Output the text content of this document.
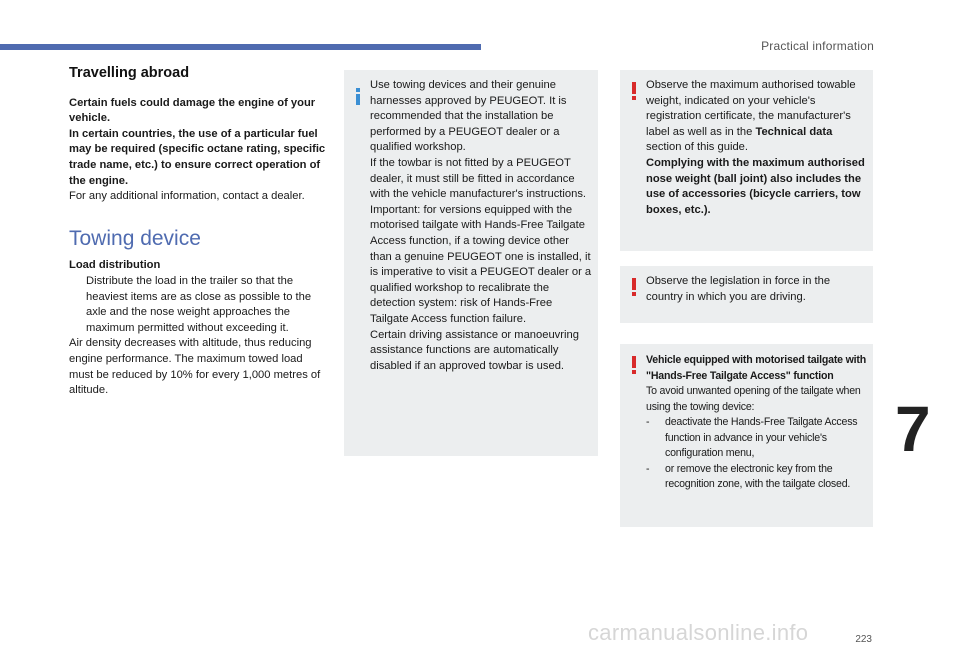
Practical information
Travelling abroad

Certain fuels could damage the engine of your vehicle.
In certain countries, the use of a particular fuel may be required (specific octane rating, specific trade name, etc.) to ensure correct operation of the engine.

For any additional information, contact a dealer.

Towing device

Load distribution

Distribute the load in the trailer so that the heaviest items are as close as possible to the axle and the nose weight approaches the maximum permitted without exceeding it.

Air density decreases with altitude, thus reducing engine performance. The maximum towed load must be reduced by 10% for every 1,000 metres of altitude.

Use towing devices and their genuine harnesses approved by PEUGEOT. It is recommended that the installation be performed by a PEUGEOT dealer or a qualified workshop.
If the towbar is not fitted by a PEUGEOT dealer, it must still be fitted in accordance with the vehicle manufacturer's instructions.
Important: for versions equipped with the motorised tailgate with Hands-Free Tailgate Access function, if a towing device other than a genuine PEUGEOT one is installed, it is imperative to visit a PEUGEOT dealer or a qualified workshop to recalibrate the detection system: risk of Hands-Free Tailgate Access function failure.
Certain driving assistance or manoeuvring assistance functions are automatically disabled if an approved towbar is used.
Observe the maximum authorised towable weight, indicated on your vehicle's registration certificate, the manufacturer's label as well as in the Technical data section of this guide.
Complying with the maximum authorised nose weight (ball joint) also includes the use of accessories (bicycle carriers, tow boxes, etc.).
Observe the legislation in force in the country in which you are driving.
Vehicle equipped with motorised tailgate with "Hands-Free Tailgate Access" function
To avoid unwanted opening of the tailgate when using the towing device:
-	deactivate the Hands-Free Tailgate Access function in advance in your vehicle's configuration menu,
-	or remove the electronic key from the recognition zone, with the tailgate closed.
7
223
carmanualsonline.info
